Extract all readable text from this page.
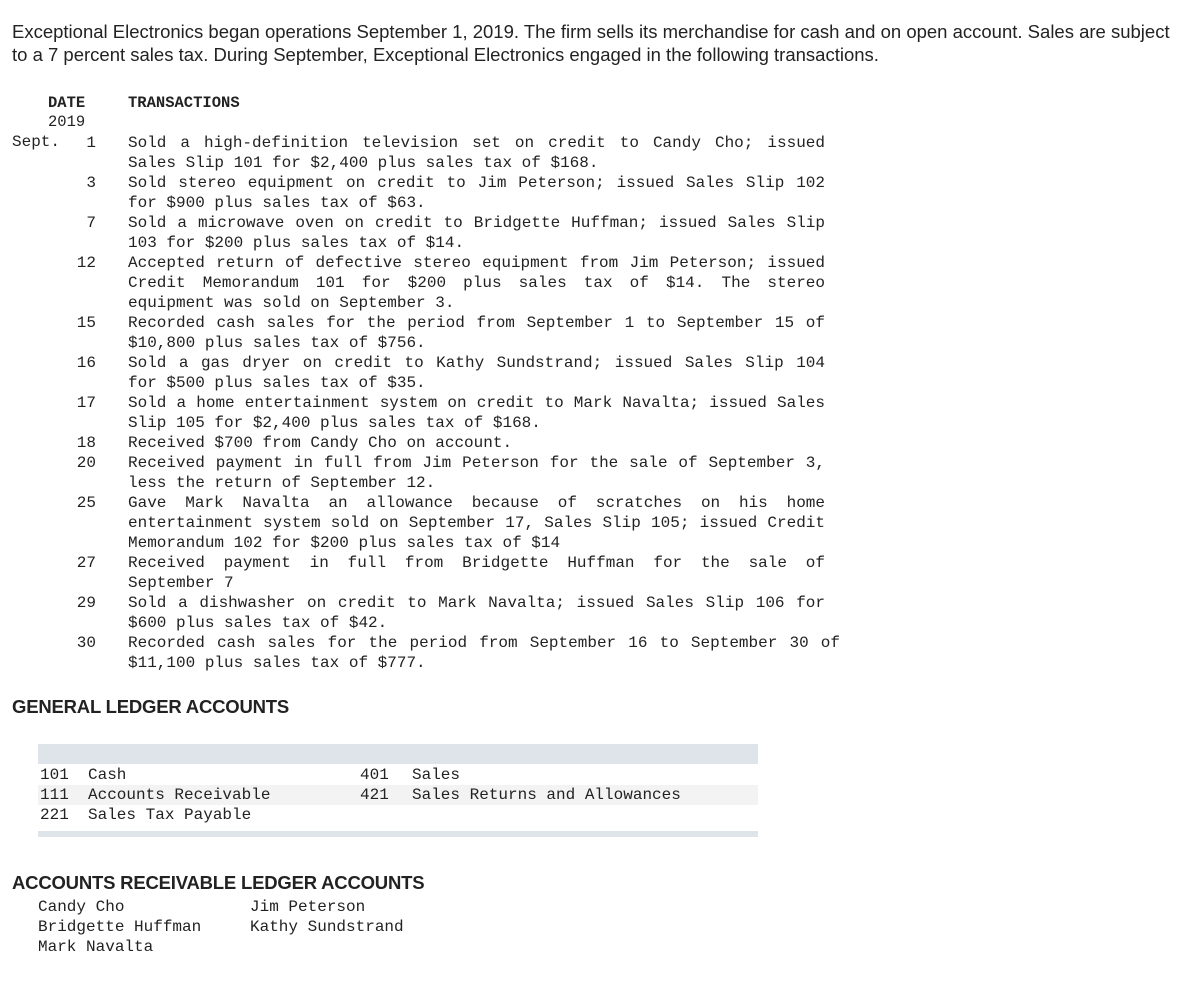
Exceptional Electronics began operations September 1, 2019. The firm sells its merchandise for cash and on open account. Sales are subject to a 7 percent sales tax. During September, Exceptional Electronics engaged in the following transactions.

DATE	TRANSACTIONS
2019
Sept.	1 Sold a high-definition television set on credit to Candy Cho; issued Sales Slip 101 for $2,400 plus sales tax of $168.
3 Sold stereo equipment on credit to Jim Peterson; issued Sales Slip 102 for $900 plus sales tax of $63.
7 Sold a microwave oven on credit to Bridgette Huffman; issued Sales Slip 103 for $200 plus sales tax of $14.
12 Accepted return of defective stereo equipment from Jim Peterson; issued Credit Memorandum 101 for $200 plus sales tax of $14. The stereo equipment was sold on September 3.
15 Recorded cash sales for the period from September 1 to September 15 of $10,800 plus sales tax of $756.
16 Sold a gas dryer on credit to Kathy Sundstrand; issued Sales Slip 104 for $500 plus sales tax of $35.
17 Sold a home entertainment system on credit to Mark Navalta; issued Sales Slip 105 for $2,400 plus sales tax of $168.
18 Received $700 from Candy Cho on account.
20 Received payment in full from Jim Peterson for the sale of September 3, less the return of September 12.
25 Gave Mark Navalta an allowance because of scratches on his home entertainment system sold on September 17, Sales Slip 105; issued Credit Memorandum 102 for $200 plus sales tax of $14
27 Received payment in full from Bridgette Huffman for the sale of September 7
29 Sold a dishwasher on credit to Mark Navalta; issued Sales Slip 106 for $600 plus sales tax of $42.
30 Recorded cash sales for the period from September 16 to September 30 of $11,100 plus sales tax of $777.
GENERAL LEDGER ACCOUNTS
101 Cash	401 Sales
111 Accounts Receivable	421 Sales Returns and Allowances
221 Sales Tax Payable
ACCOUNTS RECEIVABLE LEDGER ACCOUNTS
Candy Cho	Jim Peterson
Bridgette Huffman	Kathy Sundstrand
Mark Navalta
